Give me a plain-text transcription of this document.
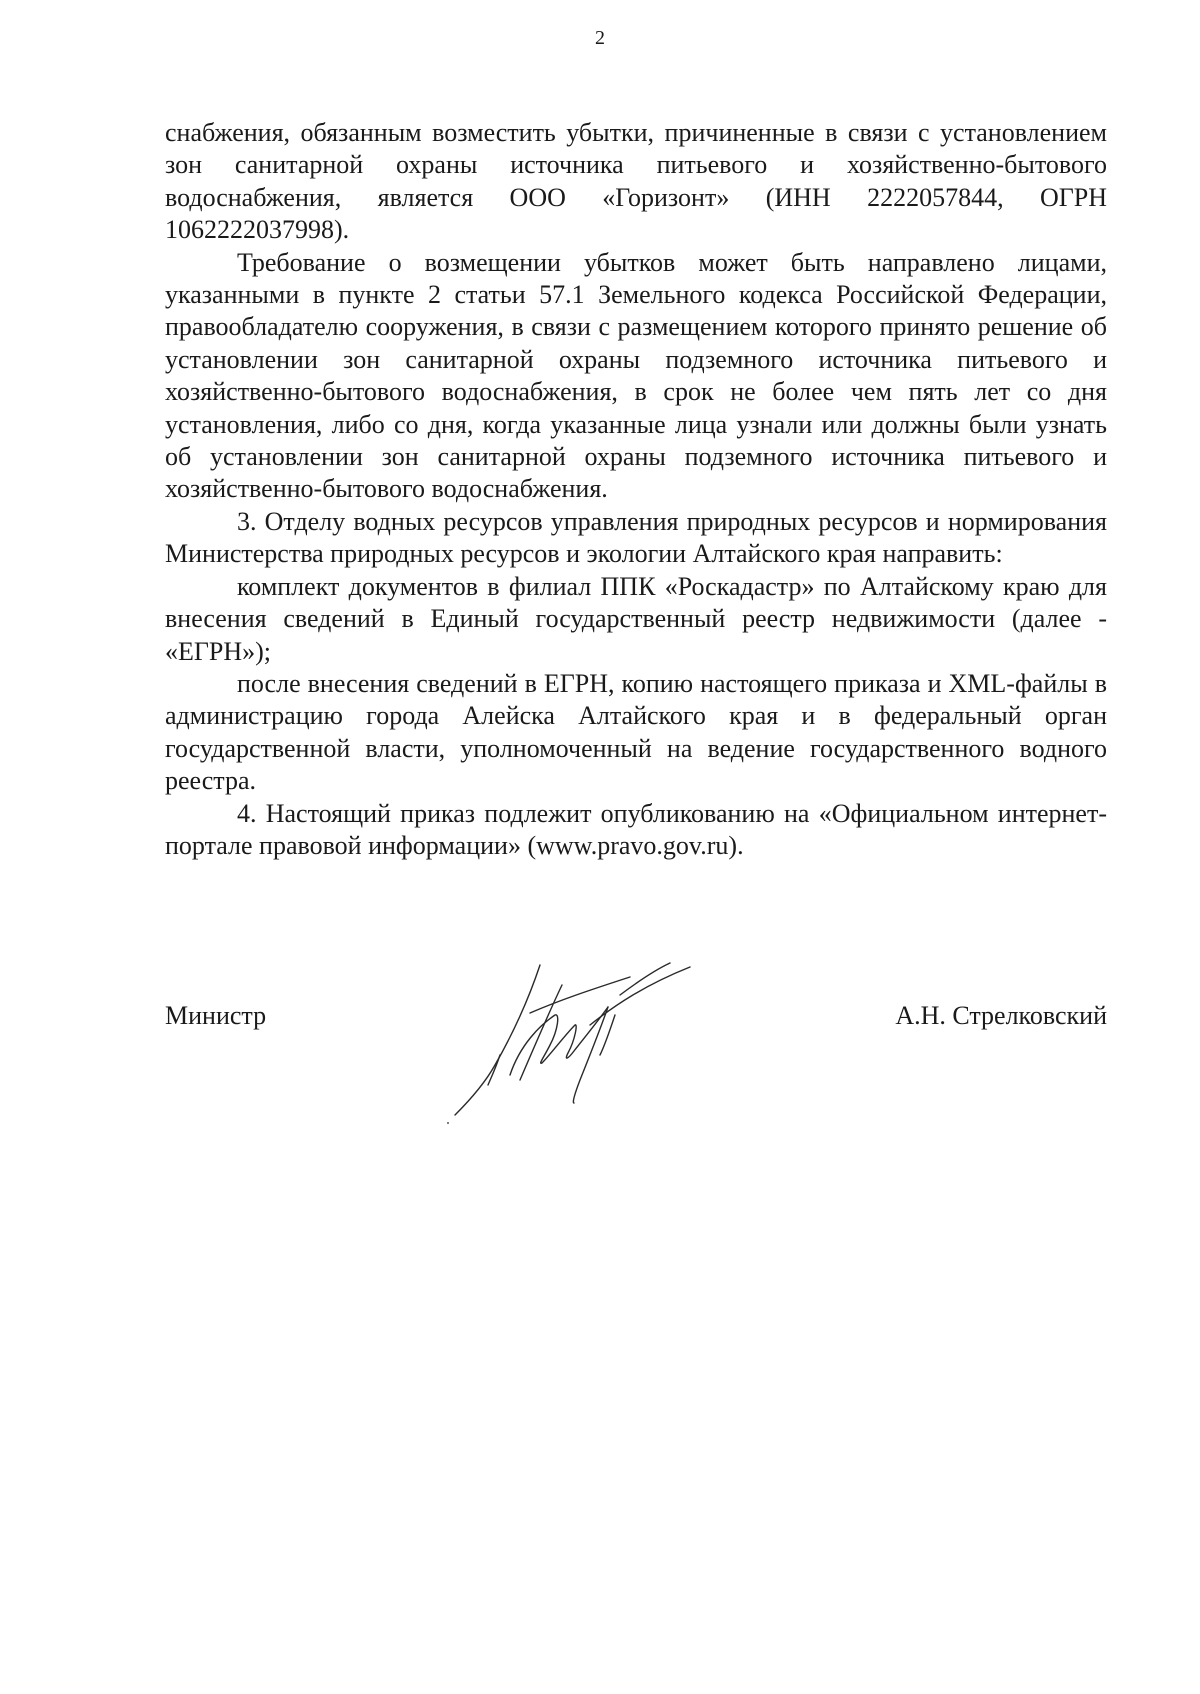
2

снабжения, обязанным возместить убытки, причиненные в связи с установлением зон санитарной охраны источника питьевого и хозяйственно-бытового водоснабжения, является ООО «Горизонт» (ИНН 2222057844, ОГРН 1062222037998).

Требование о возмещении убытков может быть направлено лицами, указанными в пункте 2 статьи 57.1 Земельного кодекса Российской Федерации, правообладателю сооружения, в связи с размещением которого принято решение об установлении зон санитарной охраны подземного источника питьевого и хозяйственно-бытового водоснабжения, в срок не более чем пять лет со дня установления, либо со дня, когда указанные лица узнали или должны были узнать об установлении зон санитарной охраны подземного источника питьевого и хозяйственно-бытового водоснабжения.

3. Отделу водных ресурсов управления природных ресурсов и нормирования Министерства природных ресурсов и экологии Алтайского края направить:

комплект документов в филиал ППК «Роскадастр» по Алтайскому краю для внесения сведений в Единый государственный реестр недвижимости (далее - «ЕГРН»);

после внесения сведений в ЕГРН, копию настоящего приказа и XML-файлы в администрацию города Алейска Алтайского края и в федеральный орган государственной власти, уполномоченный на ведение государственного водного реестра.

4. Настоящий приказ подлежит опубликованию на «Официальном интернет-портале правовой информации» (www.pravo.gov.ru).

Министр	А.Н. Стрелковский
